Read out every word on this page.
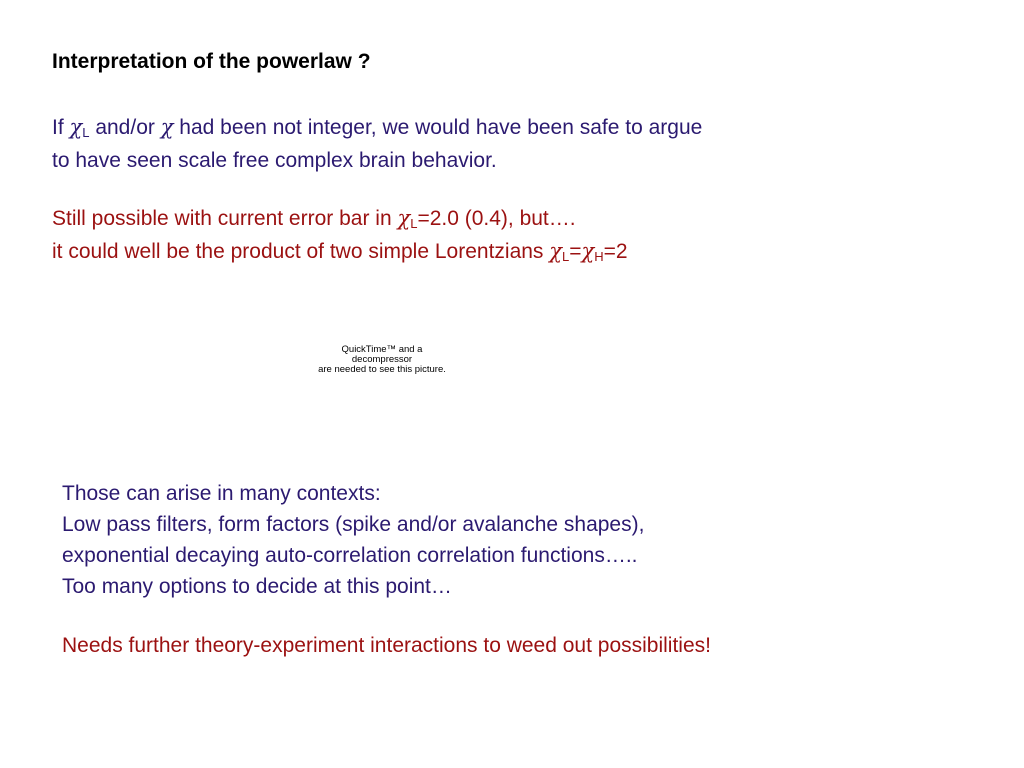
Interpretation of the powerlaw ?

If χL and/or χ had been not integer, we would have been safe to argue
to have seen scale free complex brain behavior.

Still possible with current error bar in χL=2.0 (0.4), but….
it could well be the product of two simple Lorentzians χL=χH=2

QuickTime™ and a
decompressor
are needed to see this picture.

Those can arise in many contexts:
Low pass filters, form factors (spike and/or avalanche shapes),
exponential decaying auto-correlation correlation functions…..
Too many options to decide at this point…

Needs further theory-experiment interactions to weed out possibilities!
